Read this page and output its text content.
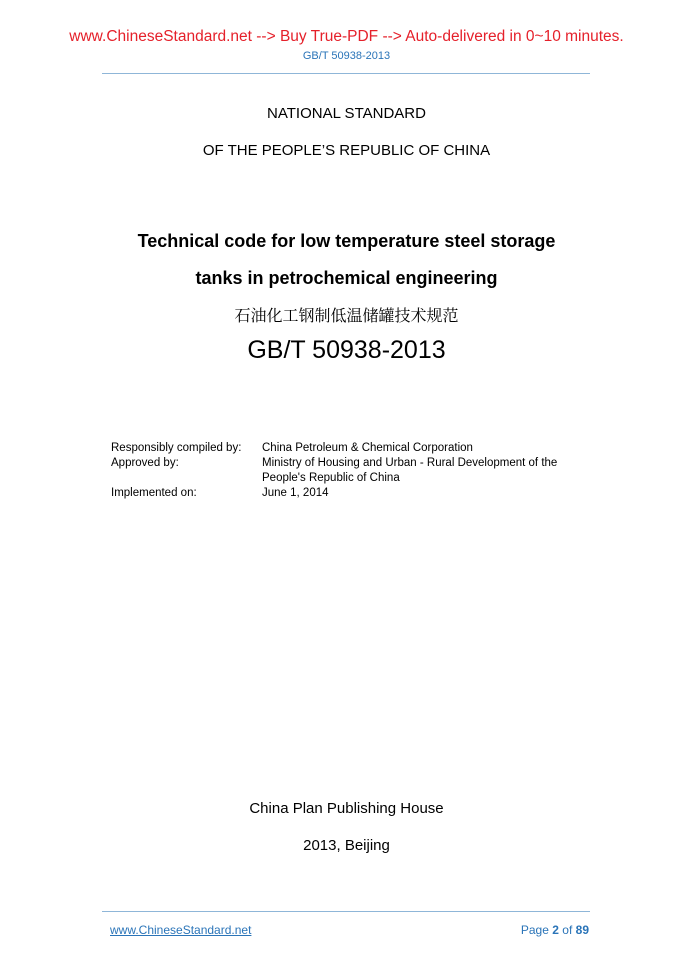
www.ChineseStandard.net --> Buy True-PDF --> Auto-delivered in 0~10 minutes.
GB/T 50938-2013
NATIONAL STANDARD
OF THE PEOPLE’S REPUBLIC OF CHINA
Technical code for low temperature steel storage
tanks in petrochemical engineering
石油化工钢制低温储罐技术规范
GB/T 50938-2013
Responsibly compiled by: China Petroleum & Chemical Corporation
Approved by:	Ministry of Housing and Urban - Rural Development of the People's Republic of China
Implemented on:	June 1, 2014
China Plan Publishing House
2013, Beijing
www.ChineseStandard.net	Page 2 of 89
